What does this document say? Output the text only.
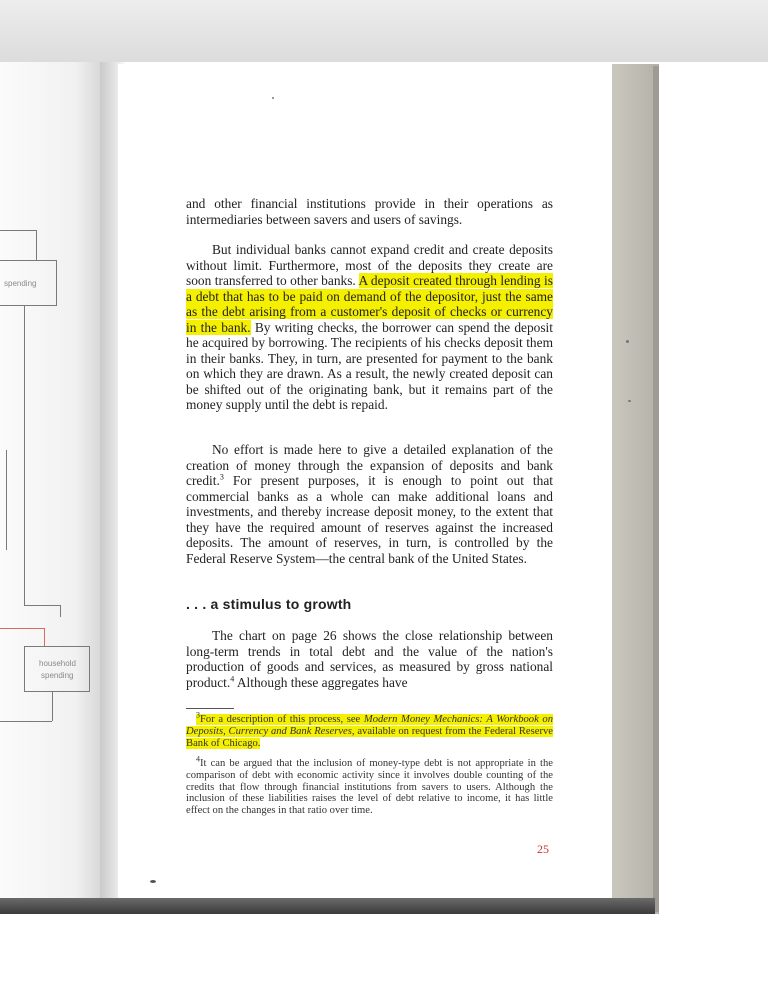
spending
household
spending

and other financial institutions provide in their operations as intermediaries between savers and users of savings.

But individual banks cannot expand credit and create deposits without limit. Furthermore, most of the deposits they create are soon transferred to other banks. A deposit created through lending is a debt that has to be paid on demand of the depositor, just the same as the debt arising from a customer's deposit of checks or currency in the bank. By writing checks, the borrower can spend the deposit he acquired by borrowing. The recipients of his checks deposit them in their banks. They, in turn, are presented for payment to the bank on which they are drawn. As a result, the newly created deposit can be shifted out of the originating bank, but it remains part of the money supply until the debt is repaid.

No effort is made here to give a detailed explanation of the creation of money through the expansion of deposits and bank credit.$^3$ For present purposes, it is enough to point out that commercial banks as a whole can make additional loans and investments, and thereby increase deposit money, to the extent that they have the required amount of reserves against the increased deposits. The amount of reserves, in turn, is controlled by the Federal Reserve System—the central bank of the United States.

. . . a stimulus to growth

The chart on page 26 shows the close relationship between long-term trends in total debt and the value of the nation's production of goods and services, as measured by gross national product.$^4$ Although these aggregates have

$^3$For a description of this process, see Modern Money Mechanics: A Workbook on Deposits, Currency and Bank Reserves, available on request from the Federal Reserve Bank of Chicago.

$^4$It can be argued that the inclusion of money-type debt is not appropriate in the comparison of debt with economic activity since it involves double counting of the credits that flow through financial institutions from savers to users. Although the inclusion of these liabilities raises the level of debt relative to income, it has little effect on the changes in that ratio over time.

25
